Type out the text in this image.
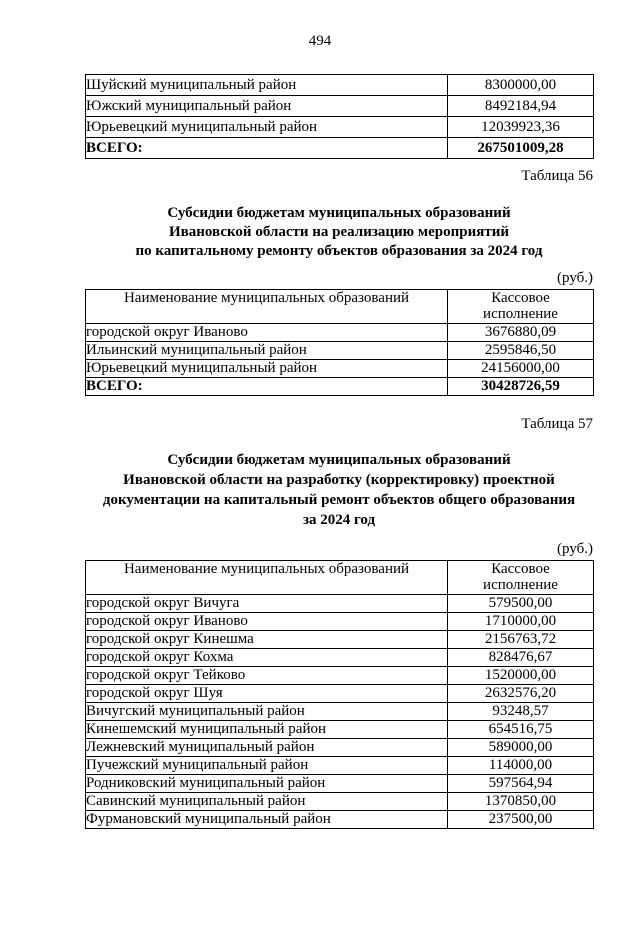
494
Шуйский муниципальный район	8300000,00
Южский муниципальный район	8492184,94
Юрьевецкий муниципальный район	12039923,36
ВСЕГО:	267501009,28
Таблица 56
Субсидии бюджетам муниципальных образований
Ивановской области на реализацию мероприятий
по капитальному ремонту объектов образования за 2024 год
(руб.)
Наименование муниципальных образований	Кассовое
исполнение

городской округ Иваново	3676880,09
Ильинский муниципальный район	2595846,50
Юрьевецкий муниципальный район	24156000,00
ВСЕГО:	30428726,59
Таблица 57
Субсидии бюджетам муниципальных образований
Ивановской области на разработку (корректировку) проектной
документации на капитальный ремонт объектов общего образования
за 2024 год
(руб.)
Наименование муниципальных образований	Кассовое
исполнение

городской округ Вичуга	579500,00
городской округ Иваново	1710000,00
городской округ Кинешма	2156763,72
городской округ Кохма	828476,67
городской округ Тейково	1520000,00
городской округ Шуя	2632576,20
Вичугский муниципальный район	93248,57
Кинешемский муниципальный район	654516,75
Лежневский муниципальный район	589000,00
Пучежский муниципальный район	114000,00
Родниковский муниципальный район	597564,94
Савинский муниципальный район	1370850,00
Фурмановский муниципальный район	237500,00
